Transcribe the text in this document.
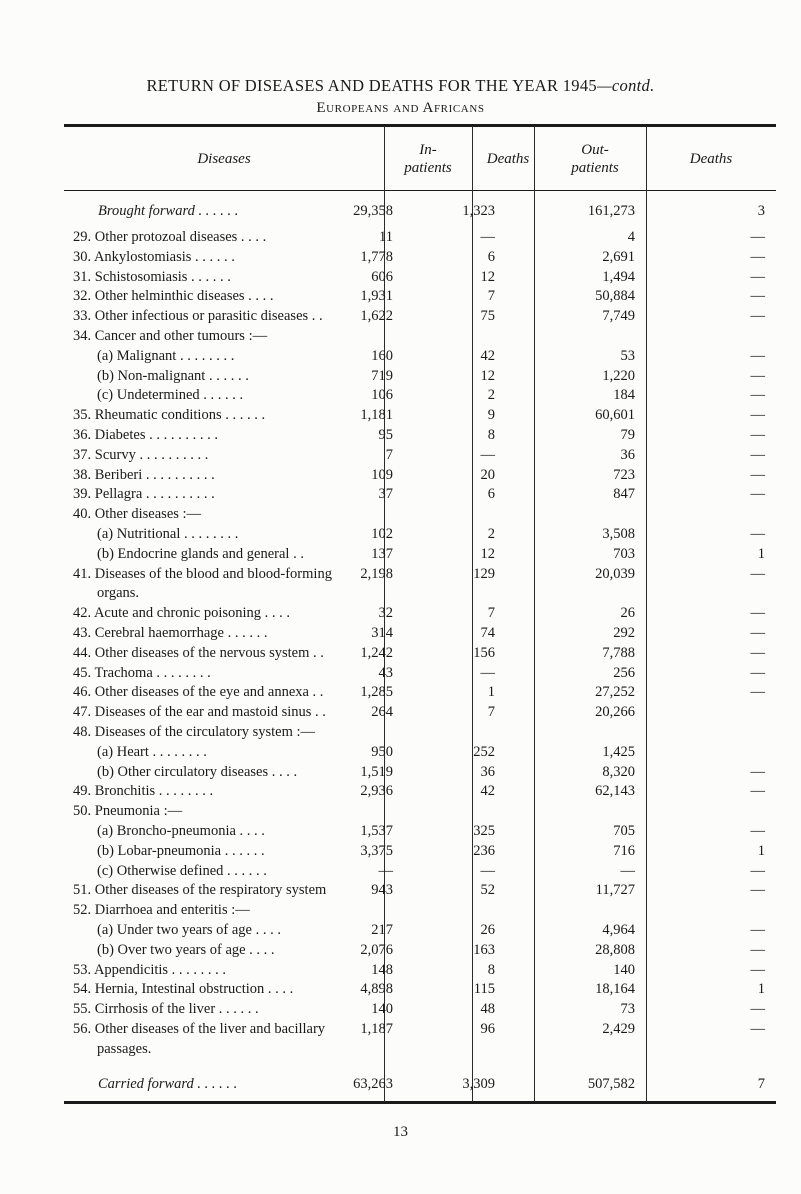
RETURN OF DISEASES AND DEATHS FOR THE YEAR 1945—contd.
Europeans and Africans
Diseases
In-
patients
Deaths
Out-
patients
Deaths
Brought forward . . . . . .	29,358	1,323	161,273	3
29. Other protozoal diseases . . . .	11	—	4	—
30. Ankylostomiasis . . . . . .	1,778	6	2,691	—
31. Schistosomiasis . . . . . .	606	12	1,494	—
32. Other helminthic diseases . . . .	1,931	7	50,884	—
33. Other infectious or parasitic diseases . .	1,622	75	7,749	—
34. Cancer and other tumours :—
(a) Malignant . . . . . . . .	160	42	53	—
(b) Non-malignant . . . . . .	719	12	1,220	—
(c) Undetermined . . . . . .	106	2	184	—
35. Rheumatic conditions . . . . . .	1,181	9	60,601	—
36. Diabetes . . . . . . . . . .	95	8	79	—
37. Scurvy . . . . . . . . . .	7	—	36	—
38. Beriberi . . . . . . . . . .	109	20	723	—
39. Pellagra . . . . . . . . . .	37	6	847	—
40. Other diseases :—
(a) Nutritional . . . . . . . .	102	2	3,508	—
(b) Endocrine glands and general . .	137	12	703	1
41. Diseases of the blood and blood-forming 2,198	129	20,039	—
organs.
42. Acute and chronic poisoning . . . .	32	7	26	—
43. Cerebral haemorrhage . . . . . .	314	74	292	—
44. Other diseases of the nervous system . .	1,242	156	7,788	—
45. Trachoma . . . . . . . .	43	—	256	—
46. Other diseases of the eye and annexa . .	1,285	1	27,252	—
47. Diseases of the ear and mastoid sinus . .	264	7	20,266
48. Diseases of the circulatory system :—
(a) Heart . . . . . . . .	950	252	1,425
(b) Other circulatory diseases . . . .	1,519	36	8,320	—
49. Bronchitis . . . . . . . .	2,936	42	62,143	—
50. Pneumonia :—
(a) Broncho-pneumonia . . . .	1,537	325	705	—
(b) Lobar-pneumonia . . . . . .	3,375	236	716	1
(c) Otherwise defined . . . . . .	—	—	—	—
51. Other diseases of the respiratory system	943	52	11,727	—
52. Diarrhoea and enteritis :—
(a) Under two years of age . . . .	217	26	4,964	—
(b) Over two years of age . . . .	2,076	163	28,808	—
53. Appendicitis . . . . . . . .	148	8	140	—
54. Hernia, Intestinal obstruction . . . .	4,898	115	18,164	1
55. Cirrhosis of the liver . . . . . .	140	48	73	—
56. Other diseases of the liver and bacillary 1,187	96	2,429	—
passages.
Carried forward . . . . . .	63,263	3,309	507,582	7
13
